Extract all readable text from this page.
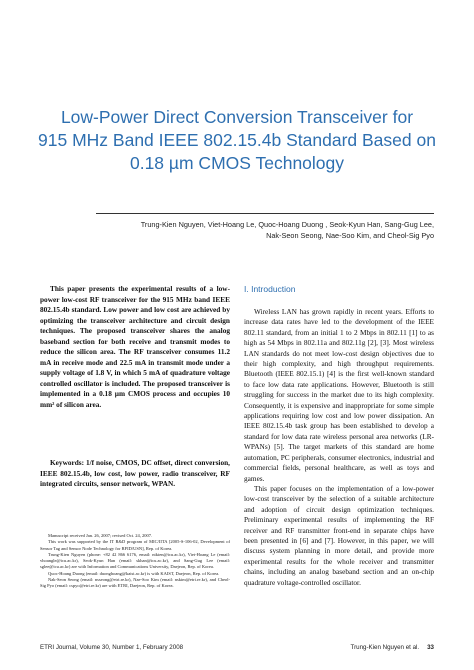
Low-Power Direct Conversion Transceiver for
915 MHz Band IEEE 802.15.4b Standard Based on
0.18 µm CMOS Technology
Trung-Kien Nguyen, Viet-Hoang Le, Quoc-Hoang Duong , Seok-Kyun Han, Sang-Gug Lee,
Nak-Seon Seong, Nae-Soo Kim, and Cheol-Sig Pyo

This paper presents the experimental results of a low-power low-cost RF transceiver for the 915 MHz band IEEE 802.15.4b standard. Low power and low cost are achieved by optimizing the transceiver architecture and circuit design techniques. The proposed transceiver shares the analog baseband section for both receive and transmit modes to reduce the silicon area. The RF transceiver consumes 11.2 mA in receive mode and 22.5 mA in transmit mode under a supply voltage of 1.8 V, in which 5 mA of quadrature voltage controlled oscillator is included. The proposed transceiver is implemented in a 0.18 µm CMOS process and occupies 10 mm² of silicon area.

Keywords: 1/f noise, CMOS, DC offset, direct conversion, IEEE 802.15.4b, low cost, low power, radio transceiver, RF integrated circuits, sensor network, WPAN.

Manuscript received Jan. 26, 2007; revised Oct. 24, 2007.

This work was supported by the IT R&D program of MIC/IITA [2005-S-106-02, Development of Sensor Tag and Sensor Node Technology for RFID/USN], Rep. of Korea.

Trung-Kien Nguyen (phone: +82 42 866 6176, email: ntkien@icu.ac.kr), Viet-Hoang Le (email: vhoangle@icu.ac.kr), Seok-Kyun Han (email: skhan@icu.ac.kr), and Sang-Gug Lee (email: sglee@icu.ac.kr) are with Information and Communications University, Daejeon, Rep. of Korea.

Quoc-Hoang Duong (email: duonghoang@kaist.ac.kr) is with KAIST, Daejeon, Rep. of Korea.

Nak-Seon Seong (email: nsseong@etri.re.kr), Nae-Soo Kim (email: nskim@etri.re.kr), and Cheol-Sig Pyo (email: cspyo@etri.re.kr) are with ETRI, Daejeon, Rep. of Korea.

I. Introduction

Wireless LAN has grown rapidly in recent years. Efforts to increase data rates have led to the development of the IEEE 802.11 standard, from an initial 1 to 2 Mbps in 802.11 [1] to as high as 54 Mbps in 802.11a and 802.11g [2], [3]. Most wireless LAN standards do not meet low-cost design objectives due to their high complexity, and high throughput requirements. Bluetooth (IEEE 802.15.1) [4] is the first well-known standard to face low data rate applications. However, Bluetooth is still struggling for success in the market due to its high complexity. Consequently, it is expensive and inappropriate for some simple applications requiring low cost and low power dissipation. An IEEE 802.15.4b task group has been established to develop a standard for low data rate wireless personal area networks (LR-WPANs) [5]. The target markets of this standard are home automation, PC peripherals, consumer electronics, industrial and commercial fields, personal healthcare, as well as toys and games.

This paper focuses on the implementation of a low-power low-cost transceiver by the selection of a suitable architecture and adoption of circuit design optimization techniques. Preliminary experimental results of implementing the RF receiver and RF transmitter front-end in separate chips have been presented in [6] and [7]. However, in this paper, we will discuss system planning in more detail, and provide more experimental results for the whole receiver and transmitter chains, including an analog baseband section and an on-chip quadrature voltage-controlled oscillator.

ETRI Journal, Volume 30, Number 1, February 2008	Trung-Kien Nguyen et al. 33
